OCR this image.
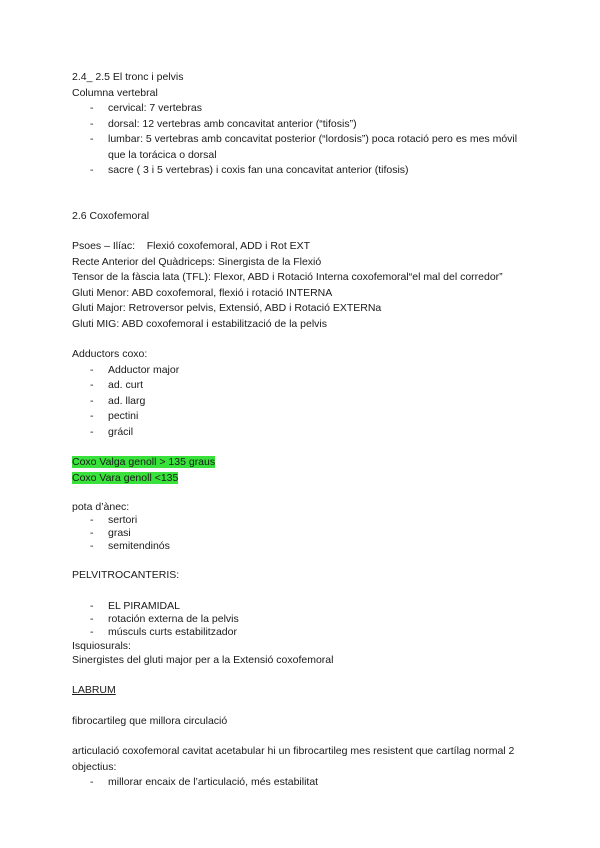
2.4_ 2.5 El tronc i pelvis
Columna vertebral
- cervical: 7 vertebras
- dorsal: 12 vertebras amb concavitat anterior (“tifosis”)
- lumbar: 5 vertebras amb concavitat posterior (“lordosis”) poca rotació pero es mes móvil que la torácica o dorsal
- sacre ( 3 i 5 vertebras) i coxis fan una concavitat anterior (tifosis)
2.6 Coxofemoral
Psoes – Ilíac:    Flexió coxofemoral, ADD i Rot EXT
Recte Anterior del Quàdriceps: Sinergista de la Flexió
Tensor de la fàscia lata (TFL): Flexor, ABD i Rotació Interna coxofemoral“el mal del corredor”
Gluti Menor: ABD coxofemoral, flexió i rotació INTERNA
Gluti Major: Retroversor pelvis, Extensió, ABD i Rotació EXTERNa
Gluti MIG: ABD coxofemoral i estabilització de la pelvis
Adductors coxo:
- Adductor major
- ad. curt
- ad. llarg
- pectini
- grácil
Coxo Valga genoll > 135 graus
Coxo Vara genoll <135
pota d’ànec:
- sertori
- grasi
- semitendinós
PELVITROCANTERIS:
- EL PIRAMIDAL
- rotación externa de la pelvis
- músculs curts estabilitzador
Isquiosurals:
Sinergistes del gluti major per a la Extensió coxofemoral
LABRUM
fibrocartileg que millora circulació
articulació coxofemoral cavitat acetabular hi un fibrocartileg mes resistent que cartílag normal 2 objectius:
- millorar encaix de l’articulació, més estabilitat
